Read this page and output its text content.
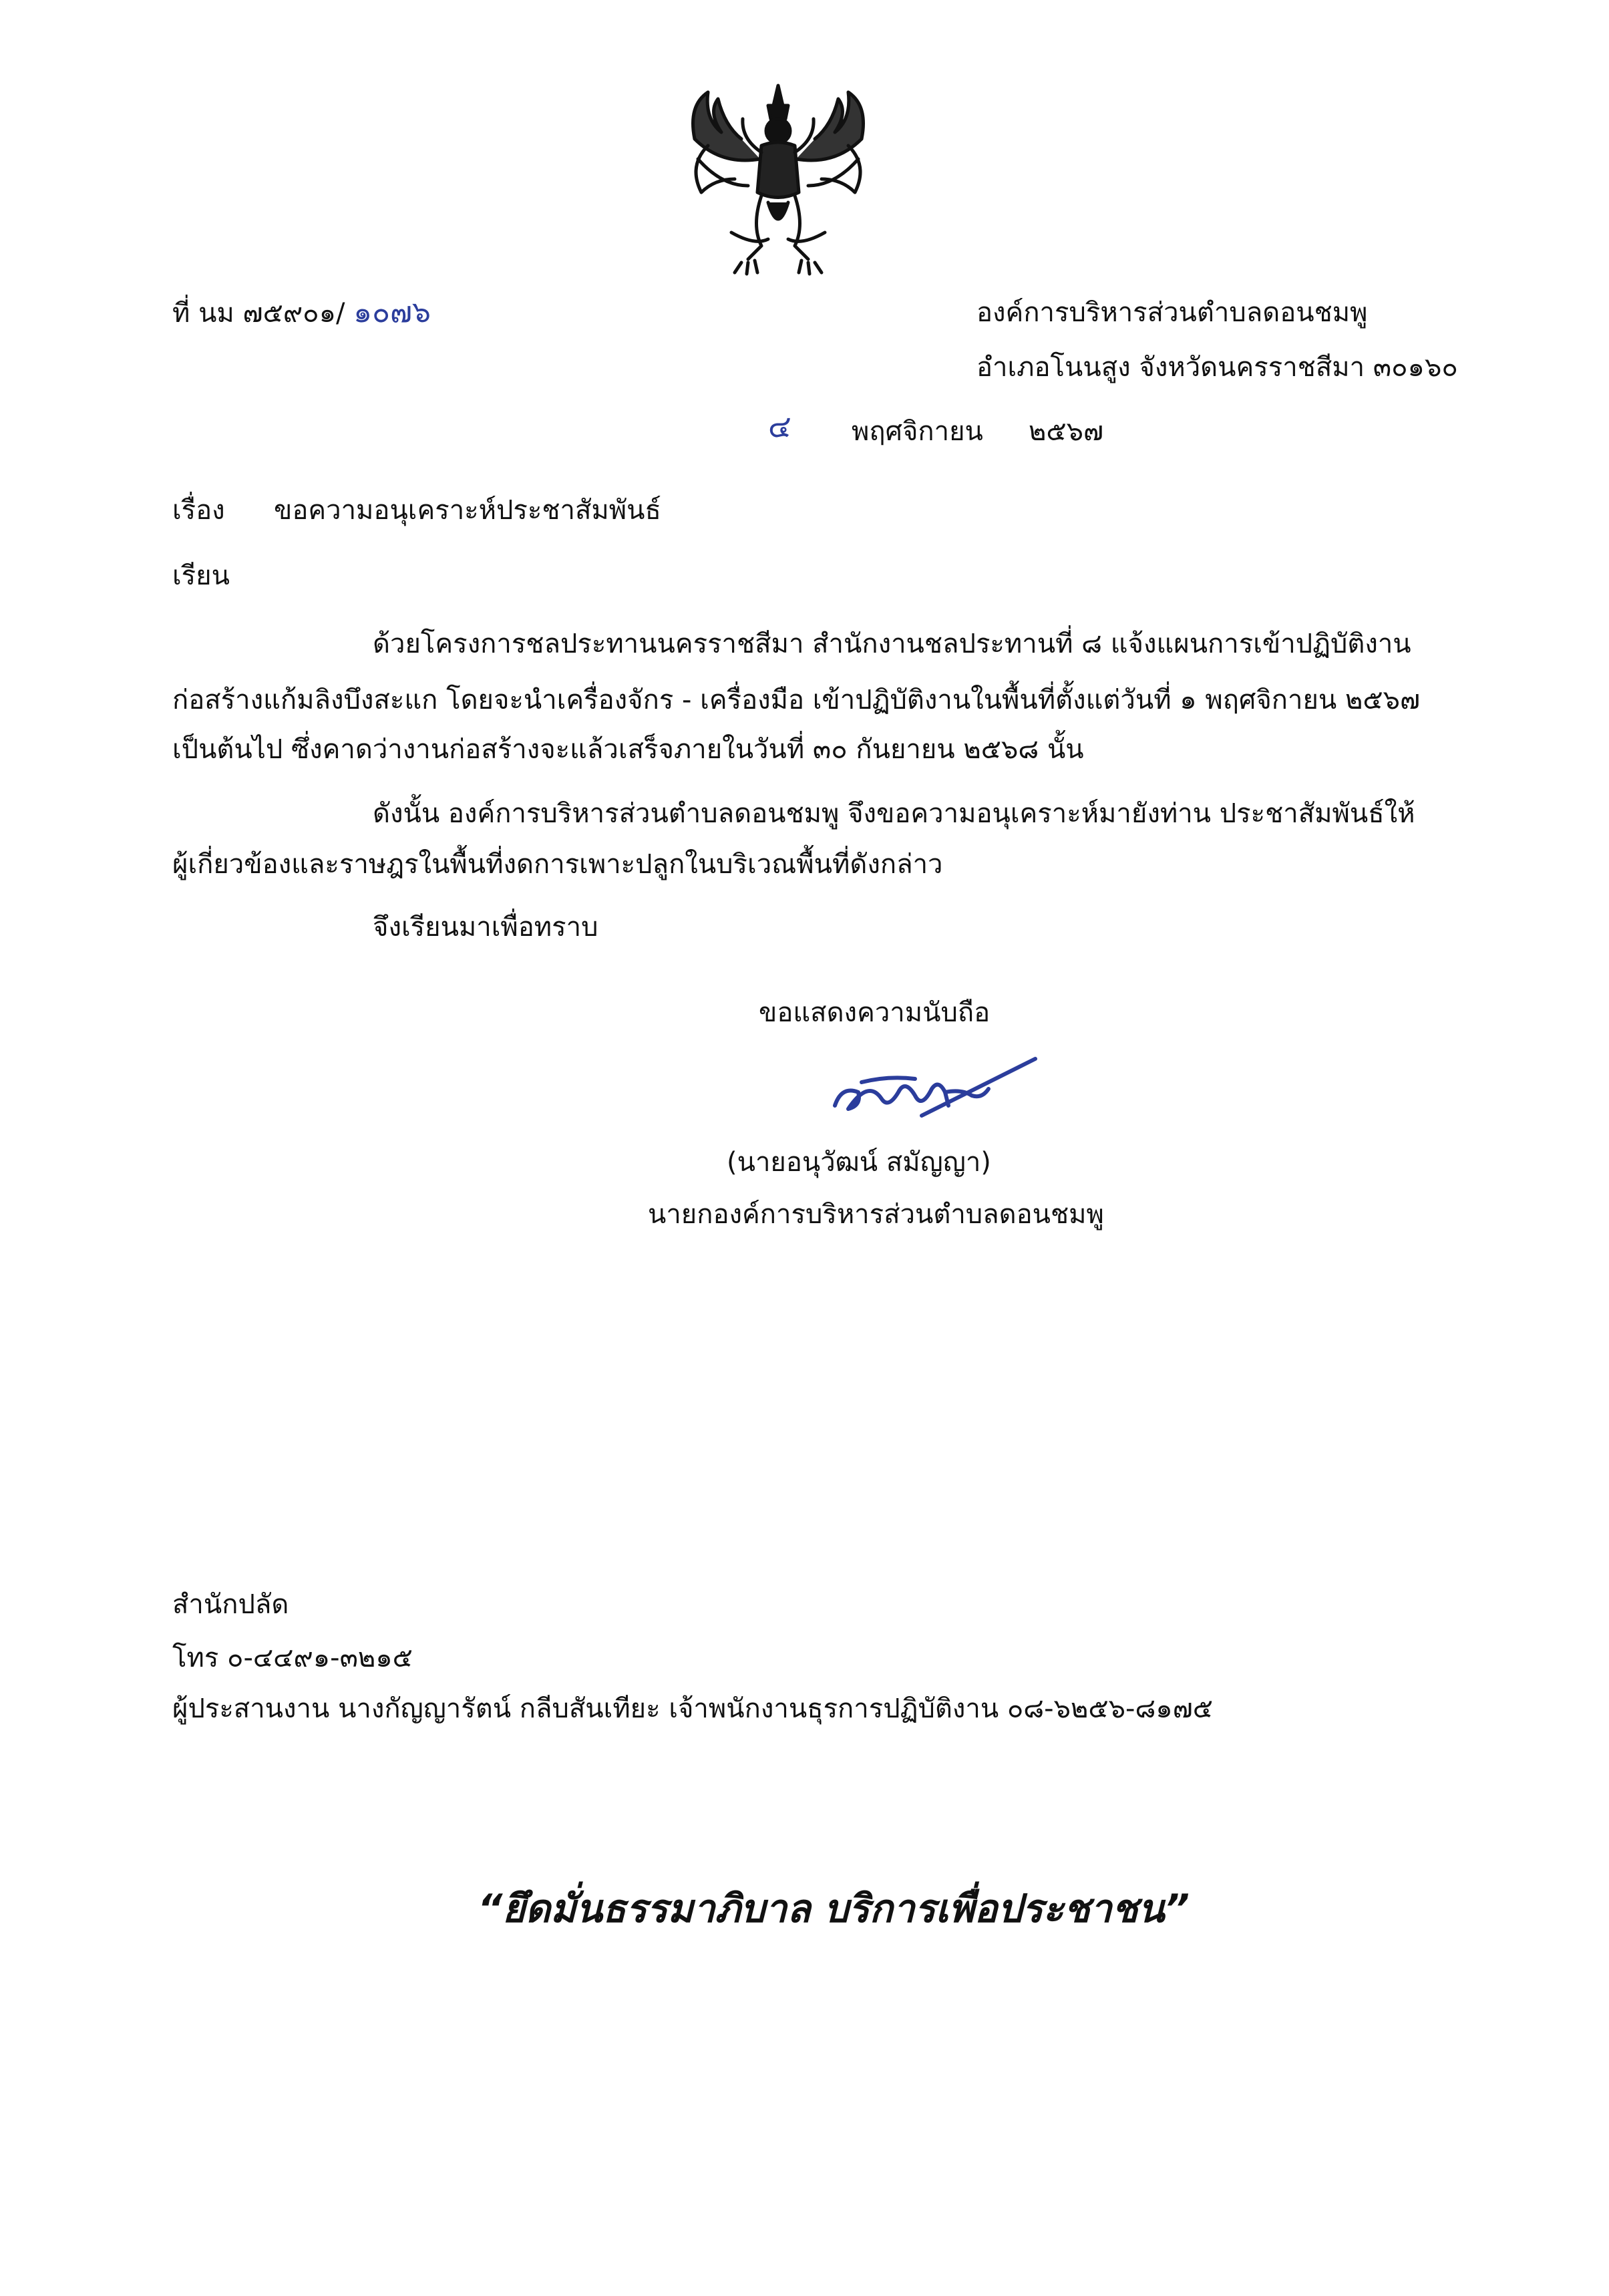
ที่ นม ๗๕๙๐๑/ ๑๐๗๖	องค์การบริหารส่วนตำบลดอนชมพู
อำเภอโนนสูง จังหวัดนครราชสีมา ๓๐๑๖๐
๔ พฤศจิกายน ๒๕๖๗
เรื่อง ขอความอนุเคราะห์ประชาสัมพันธ์
เรียน
ด้วยโครงการชลประทานนครราชสีมา สำนักงานชลประทานที่ ๘ แจ้งแผนการเข้าปฏิบัติงาน
ก่อสร้างแก้มลิงบึงสะแก โดยจะนำเครื่องจักร - เครื่องมือ เข้าปฏิบัติงานในพื้นที่ตั้งแต่วันที่ ๑ พฤศจิกายน ๒๕๖๗
เป็นต้นไป ซึ่งคาดว่างานก่อสร้างจะแล้วเสร็จภายในวันที่ ๓๐ กันยายน ๒๕๖๘ นั้น
ดังนั้น องค์การบริหารส่วนตำบลดอนชมพู จึงขอความอนุเคราะห์มายังท่าน ประชาสัมพันธ์ให้
ผู้เกี่ยวข้องและราษฎรในพื้นที่งดการเพาะปลูกในบริเวณพื้นที่ดังกล่าว
จึงเรียนมาเพื่อทราบ
ขอแสดงความนับถือ
(นายอนุวัฒน์ สมัญญา)
นายกองค์การบริหารส่วนตำบลดอนชมพู
สำนักปลัด
โทร ๐-๔๔๙๑-๓๒๑๕
ผู้ประสานงาน นางกัญญารัตน์ กลีบสันเทียะ เจ้าพนักงานธุรการปฏิบัติงาน ๐๘-๖๒๕๖-๘๑๗๕
“ยึดมั่นธรรมาภิบาล บริการเพื่อประชาชน”
